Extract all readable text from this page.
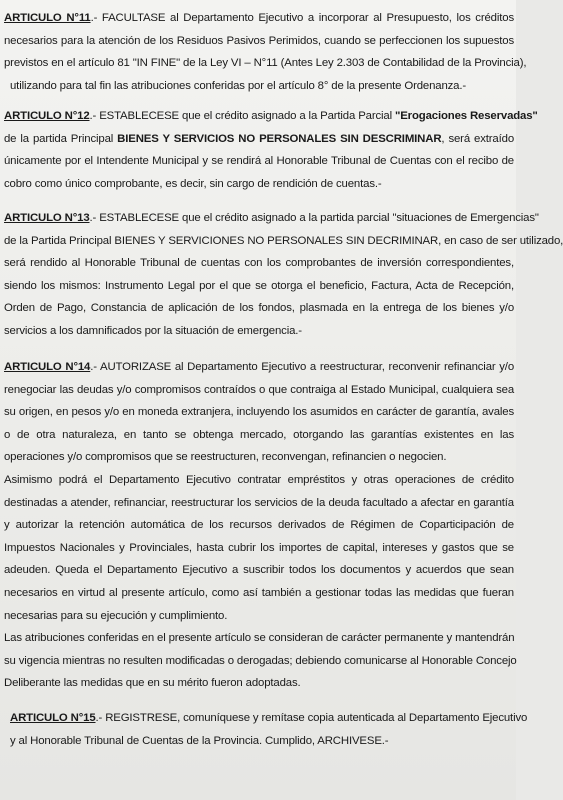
ARTICULO N°11.- FACULTASE al Departamento Ejecutivo a incorporar al Presupuesto, los créditos
necesarios para la atención de los Residuos Pasivos Perimidos, cuando se perfeccionen los supuestos
previstos en el artículo 81 "IN FINE" de la Ley VI – N°11 (Antes Ley 2.303 de Contabilidad de la Provincia),
utilizando para tal fin las atribuciones conferidas por el artículo 8° de la presente Ordenanza.-
ARTICULO N°12.- ESTABLECESE que el crédito asignado a la Partida Parcial "Erogaciones Reservadas"
de la partida Principal BIENES Y SERVICIOS NO PERSONALES SIN DESCRIMINAR, será extraído
únicamente por el Intendente Municipal y se rendirá al Honorable Tribunal de Cuentas con el recibo de
cobro como único comprobante, es decir, sin cargo de rendición de cuentas.-
ARTICULO N°13.- ESTABLECESE que el crédito asignado a la partida parcial "situaciones de Emergencias"
de la Partida Principal BIENES Y SERVICIONES NO PERSONALES SIN DECRIMINAR, en caso de ser utilizado,
será rendido al Honorable Tribunal de cuentas con los comprobantes de inversión correspondientes,
siendo los mismos: Instrumento Legal por el que se otorga el beneficio, Factura, Acta de Recepción,
Orden de Pago, Constancia de aplicación de los fondos, plasmada en la entrega de los bienes y/o
servicios a los damnificados por la situación de emergencia.-
ARTICULO N°14.- AUTORIZASE al Departamento Ejecutivo a reestructurar, reconvenir refinanciar y/o
renegociar las deudas y/o compromisos contraídos o que contraiga al Estado Municipal, cualquiera sea
su origen, en pesos y/o en moneda extranjera, incluyendo los asumidos en carácter de garantía, avales
o de otra naturaleza, en tanto se obtenga mercado, otorgando las garantías existentes en las
operaciones y/o compromisos que se reestructuren, reconvengan, refinancien o negocien.
Asimismo podrá el Departamento Ejecutivo contratar empréstitos y otras operaciones de crédito
destinadas a atender, refinanciar, reestructurar los servicios de la deuda facultado a afectar en garantía
y autorizar la retención automática de los recursos derivados de Régimen de Coparticipación de
Impuestos Nacionales y Provinciales, hasta cubrir los importes de capital, intereses y gastos que se
adeuden. Queda el Departamento Ejecutivo a suscribir todos los documentos y acuerdos que sean
necesarios en virtud al presente artículo, como así también a gestionar todas las medidas que fueran
necesarias para su ejecución y cumplimiento.
Las atribuciones conferidas en el presente artículo se consideran de carácter permanente y mantendrán
su vigencia mientras no resulten modificadas o derogadas; debiendo comunicarse al Honorable Concejo
Deliberante las medidas que en su mérito fueron adoptadas.
ARTICULO N°15.- REGISTRESE, comuníquese y remítase copia autenticada al Departamento Ejecutivo
y al Honorable Tribunal de Cuentas de la Provincia. Cumplido, ARCHIVESE.-
